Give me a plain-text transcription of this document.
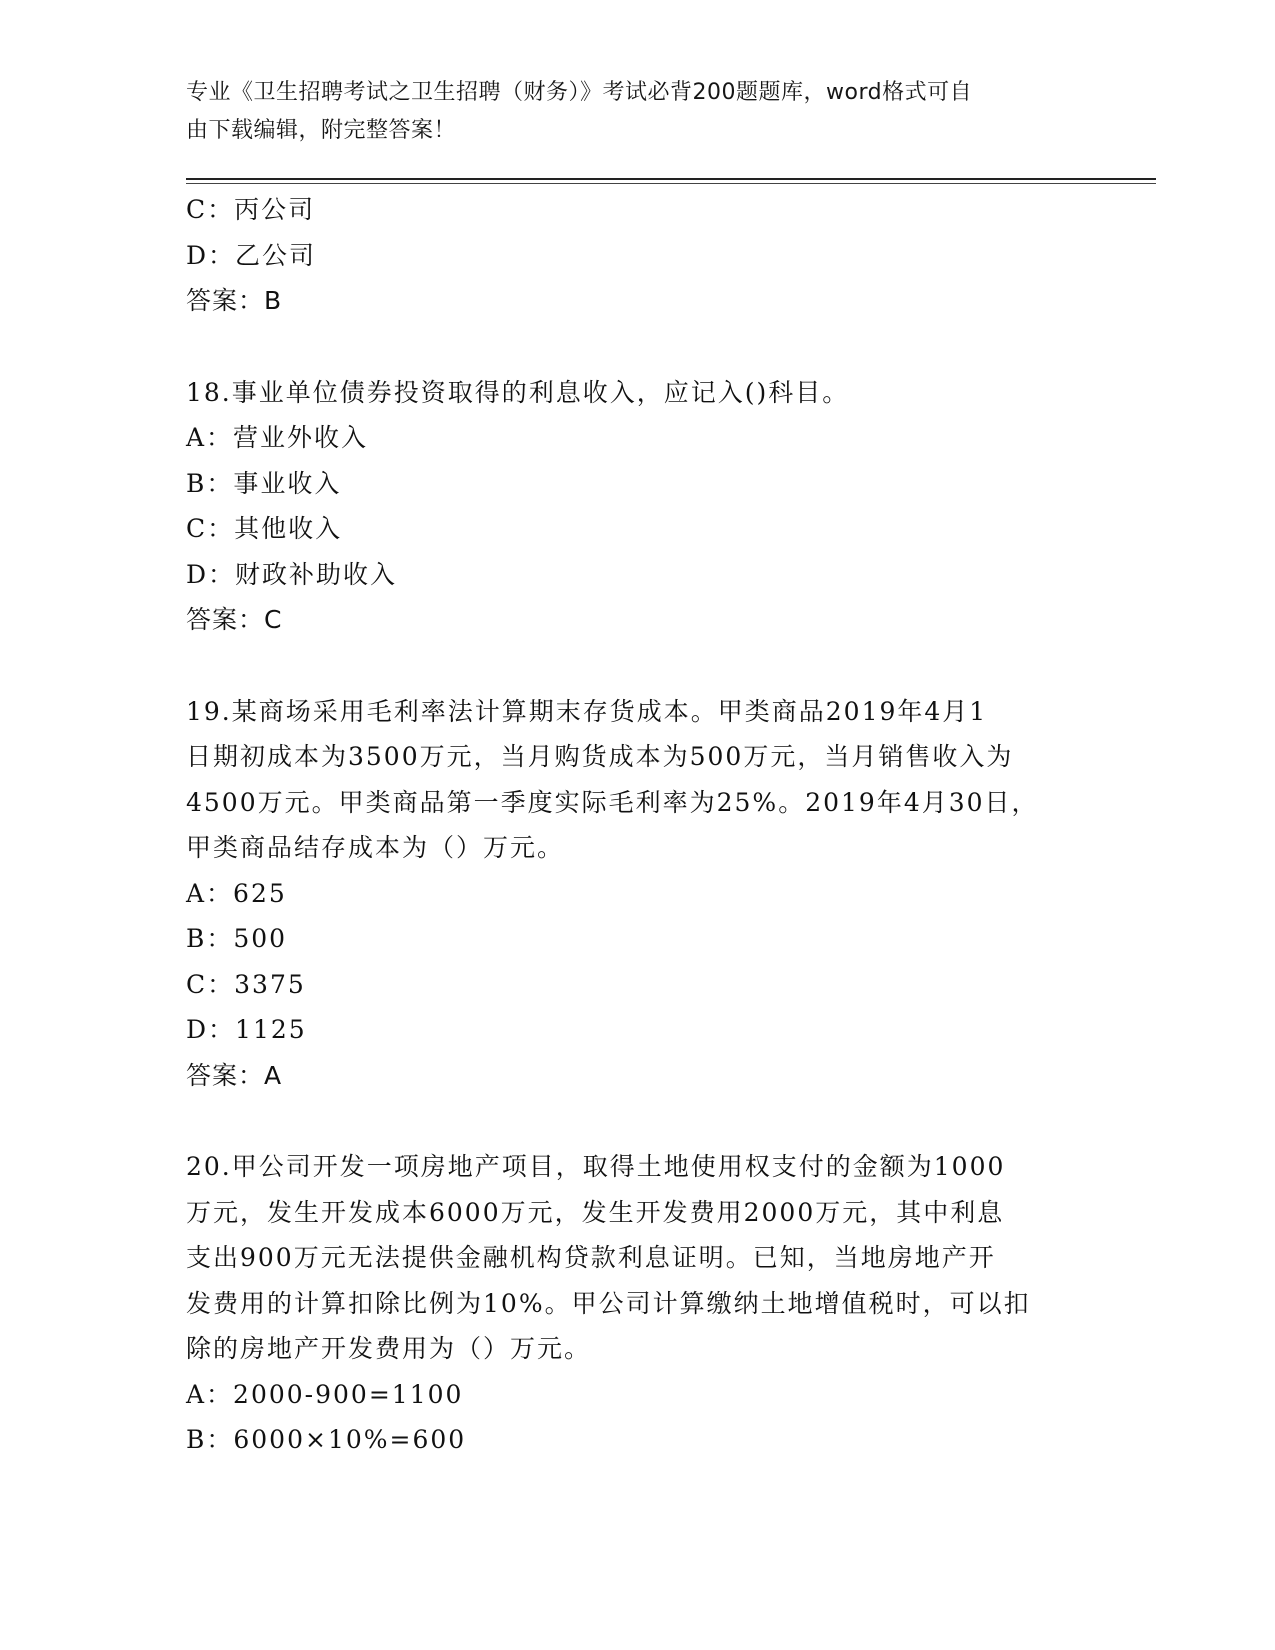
专业《卫生招聘考试之卫生招聘（财务）》考试必背200题题库，word格式可自
由下载编辑，附完整答案！
C：丙公司
D：乙公司
答案：B
18.事业单位债券投资取得的利息收入，应记入()科目。
A：营业外收入
B：事业收入
C：其他收入
D：财政补助收入
答案：C
19.某商场采用毛利率法计算期末存货成本。甲类商品2019年4月1
日期初成本为3500万元，当月购货成本为500万元，当月销售收入为
4500万元。甲类商品第一季度实际毛利率为25%。2019年4月30日，
甲类商品结存成本为（）万元。
A：625
B：500
C：3375
D：1125
答案：A
20.甲公司开发一项房地产项目，取得土地使用权支付的金额为1000
万元，发生开发成本6000万元，发生开发费用2000万元，其中利息
支出900万元无法提供金融机构贷款利息证明。已知，当地房地产开
发费用的计算扣除比例为10%。甲公司计算缴纳土地增值税时，可以扣
除的房地产开发费用为（）万元。
A：2000-900=1100
B：6000×10%=600
